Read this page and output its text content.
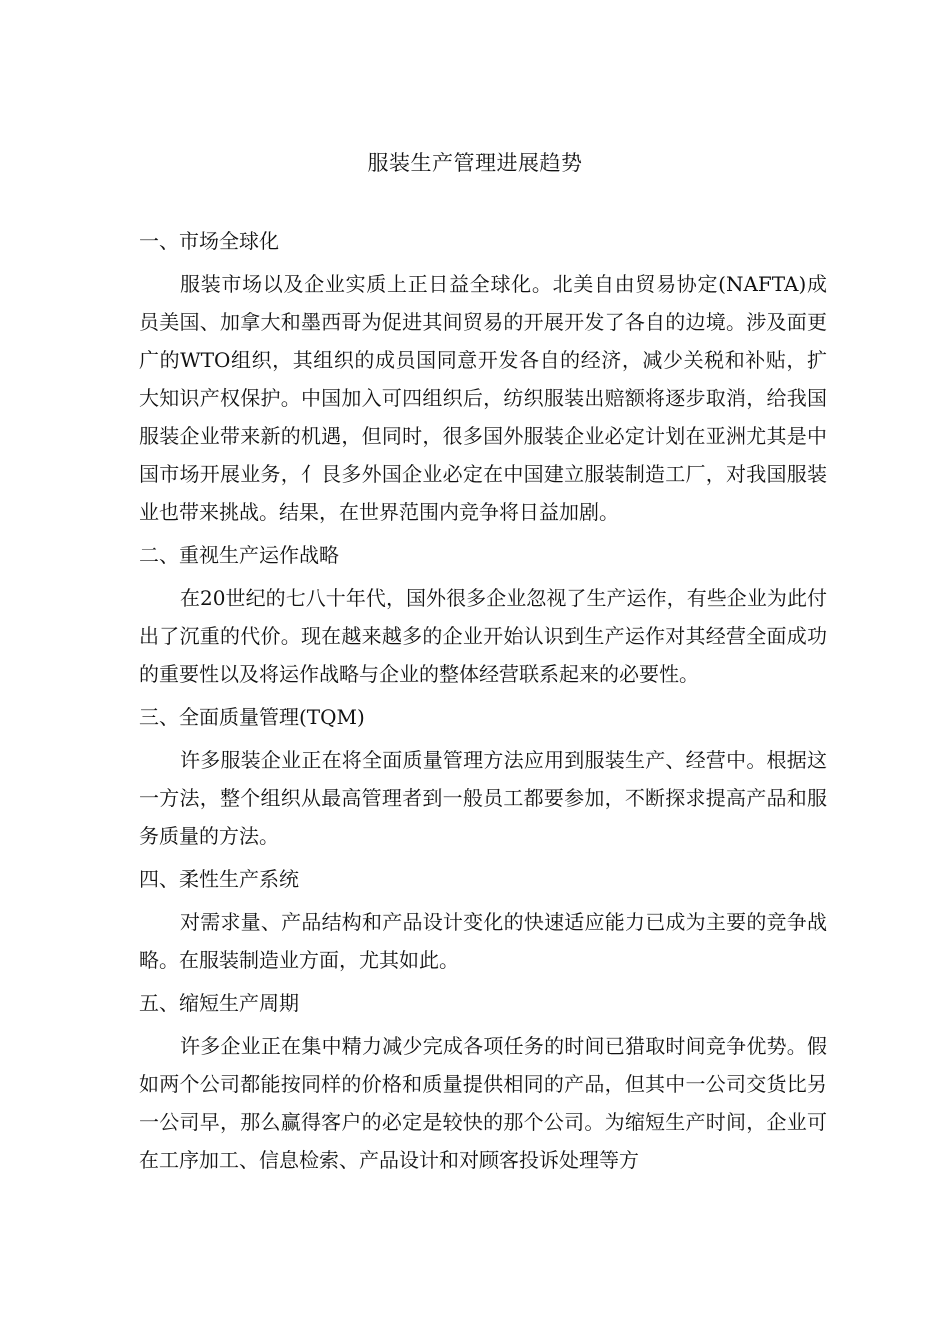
服装生产管理进展趋势
一、市场全球化
服装市场以及企业实质上正日益全球化。北美自由贸易协定(NAFTA)成员美国、加拿大和墨西哥为促进其间贸易的开展开发了各自的边境。涉及面更广的WTO组织，其组织的成员国同意开发各自的经济，减少关税和补贴，扩大知识产权保护。中国加入可四组织后，纺织服装出赔额将逐步取消，给我国服装企业带来新的机遇，但同时，很多国外服装企业必定计划在亚洲尤其是中国市场开展业务，亻艮多外国企业必定在中国建立服装制造工厂，对我国服装业也带来挑战。结果，在世界范围内竞争将日益加剧。
二、重视生产运作战略
在20世纪的七八十年代，国外很多企业忽视了生产运作，有些企业为此付出了沉重的代价。现在越来越多的企业开始认识到生产运作对其经营全面成功的重要性以及将运作战略与企业的整体经营联系起来的必要性。
三、全面质量管理(TQM)
许多服装企业正在将全面质量管理方法应用到服装生产、经营中。根据这一方法，整个组织从最高管理者到一般员工都要参加，不断探求提高产品和服务质量的方法。
四、柔性生产系统
对需求量、产品结构和产品设计变化的快速适应能力已成为主要的竞争战略。在服装制造业方面，尤其如此。
五、缩短生产周期
许多企业正在集中精力减少完成各项任务的时间已猎取时间竞争优势。假如两个公司都能按同样的价格和质量提供相同的产品，但其中一公司交货比另一公司早，那么赢得客户的必定是较快的那个公司。为缩短生产时间，企业可在工序加工、信息检索、产品设计和对顾客投诉处理等方
